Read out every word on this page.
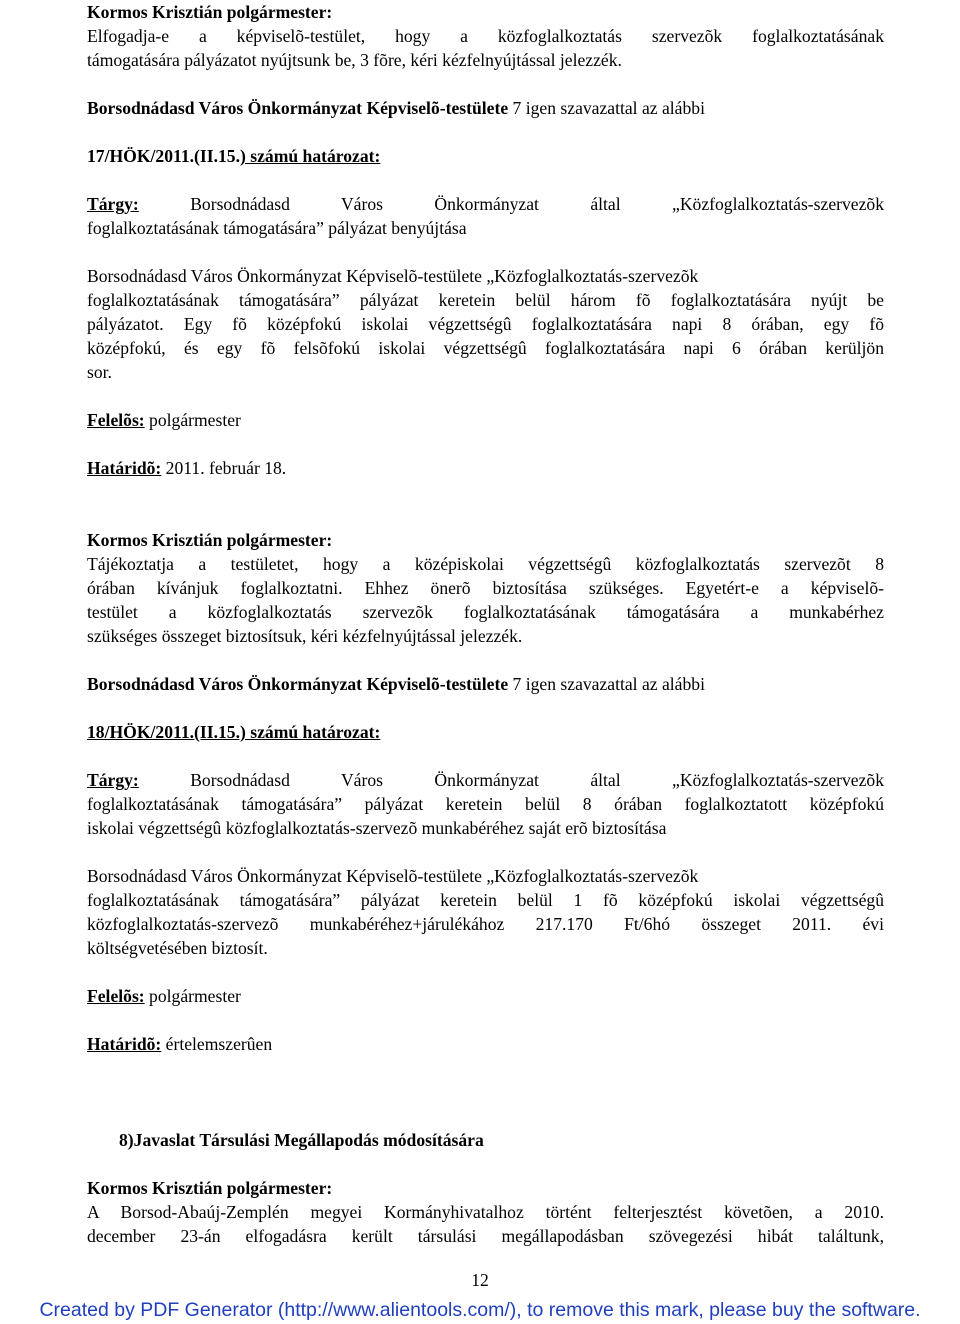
Kormos Krisztián polgármester:

Elfogadja-e a képviselõ-testület, hogy a közfoglalkoztatás szervezõk foglalkoztatásának

támogatására pályázatot nyújtsunk be, 3 fõre, kéri kézfelnyújtással jelezzék.

Borsodnádasd Város Önkormányzat Képviselõ-testülete 7 igen szavazattal az alábbi

17/HÖK/2011.(II.15.) számú határozat:

Tárgy: Borsodnádasd Város Önkormányzat által „Közfoglalkoztatás-szervezõk

foglalkoztatásának támogatására” pályázat benyújtása

Borsodnádasd Város Önkormányzat Képviselõ-testülete „Közfoglalkoztatás-szervezõk

foglalkoztatásának támogatására” pályázat keretein belül három fõ foglalkoztatására nyújt be

pályázatot. Egy fõ középfokú iskolai végzettségû foglalkoztatására napi 8 órában, egy fõ

középfokú, és egy fõ felsõfokú iskolai végzettségû foglalkoztatására napi 6 órában kerüljön

sor.

Felelõs: polgármester

Határidõ: 2011. február 18.

Kormos Krisztián polgármester:

Tájékoztatja a testületet, hogy a középiskolai végzettségû közfoglalkoztatás szervezõt 8

órában kívánjuk foglalkoztatni. Ehhez önerõ biztosítása szükséges. Egyetért-e a képviselõ-

testület a közfoglalkoztatás szervezõk foglalkoztatásának támogatására a munkabérhez

szükséges összeget biztosítsuk, kéri kézfelnyújtással jelezzék.

Borsodnádasd Város Önkormányzat Képviselõ-testülete 7 igen szavazattal az alábbi

18/HÖK/2011.(II.15.) számú határozat:

Tárgy: Borsodnádasd Város Önkormányzat által „Közfoglalkoztatás-szervezõk

foglalkoztatásának támogatására” pályázat keretein belül 8 órában foglalkoztatott középfokú

iskolai végzettségû közfoglalkoztatás-szervezõ munkabéréhez saját erõ biztosítása

Borsodnádasd Város Önkormányzat Képviselõ-testülete „Közfoglalkoztatás-szervezõk

foglalkoztatásának támogatására” pályázat keretein belül 1 fõ középfokú iskolai végzettségû

közfoglalkoztatás-szervezõ munkabéréhez+járulékához 217.170 Ft/6hó összeget 2011. évi

költségvetésében biztosít.

Felelõs: polgármester

Határidõ: értelemszerûen

8)Javaslat Társulási Megállapodás módosítására

Kormos Krisztián polgármester:

A Borsod-Abaúj-Zemplén megyei Kormányhivatalhoz történt felterjesztést követõen, a 2010.

december 23-án elfogadásra került társulási megállapodásban szövegezési hibát találtunk,

12
Created by PDF Generator (http://www.alientools.com/), to remove this mark, please buy the software.
